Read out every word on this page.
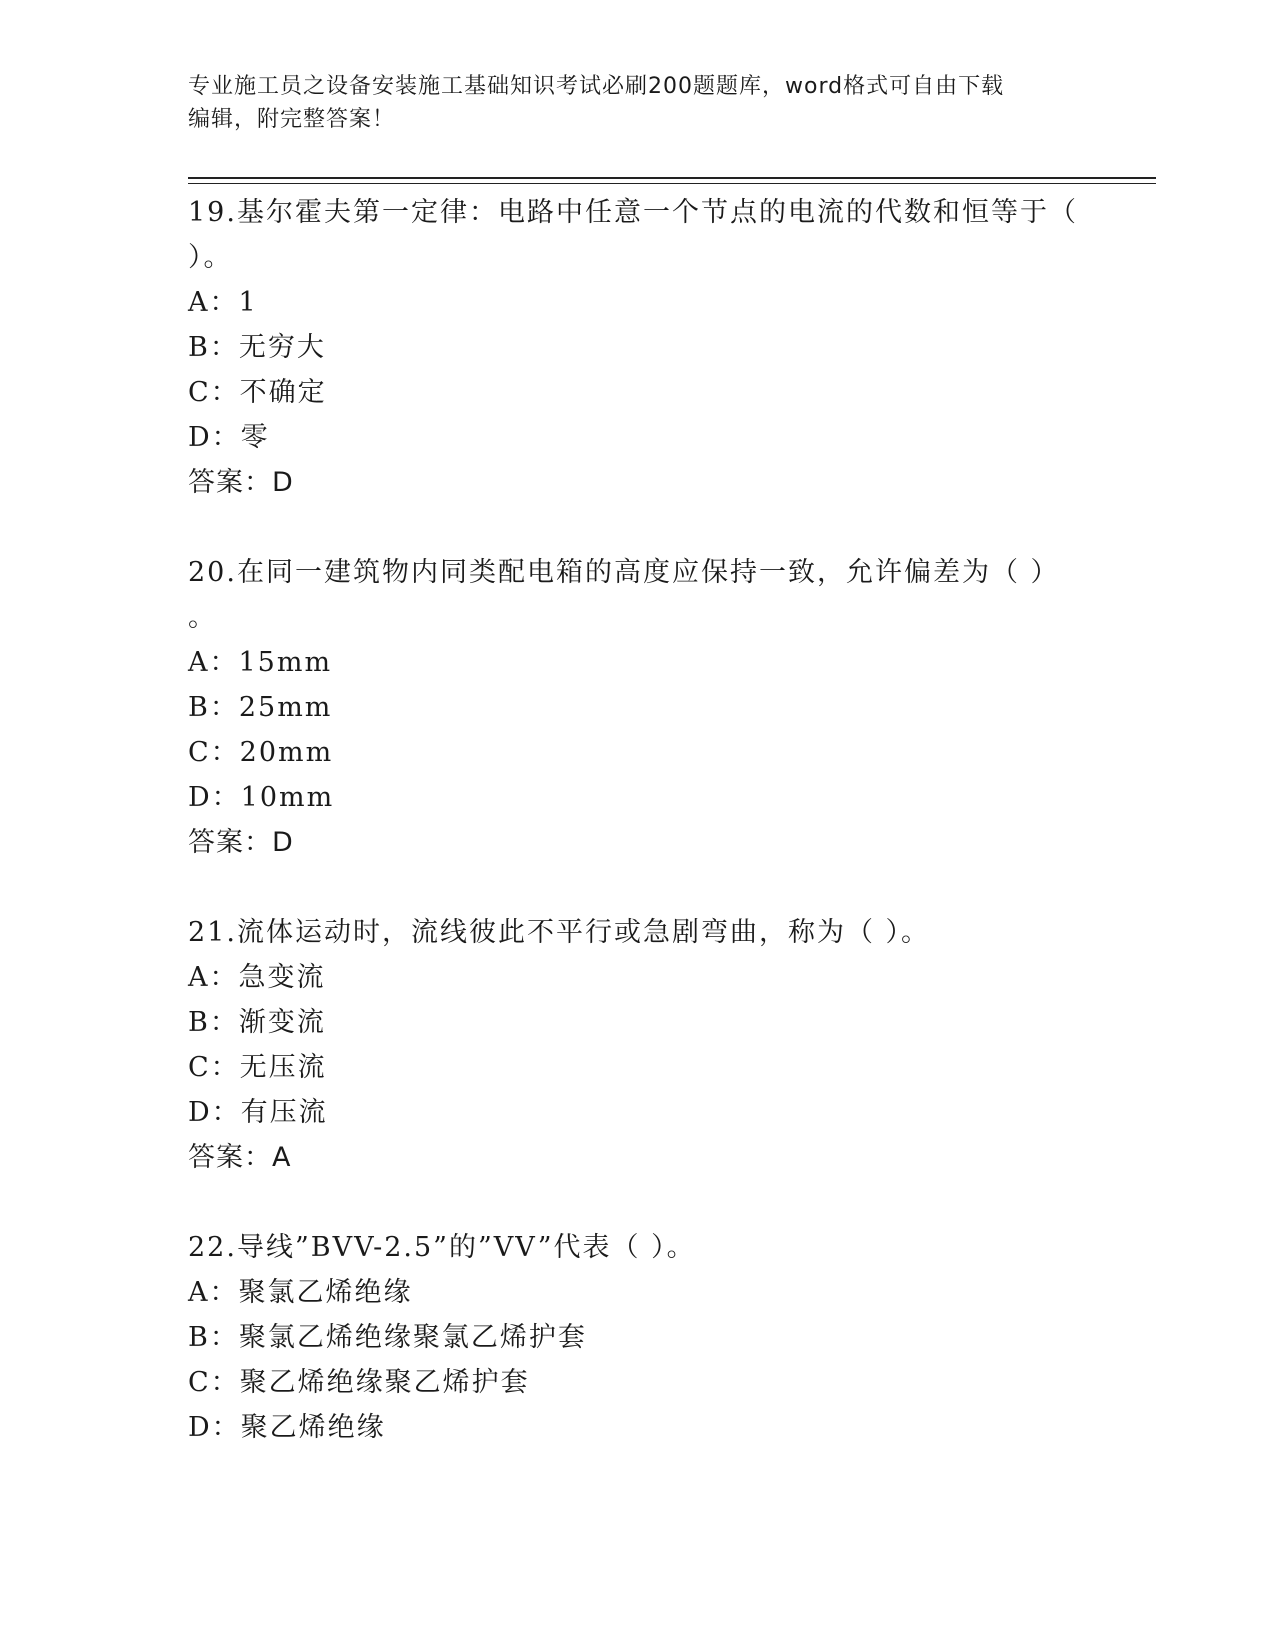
专业施工员之设备安装施工基础知识考试必刷200题题库，word格式可自由下载
编辑，附完整答案！
19.基尔霍夫第一定律：电路中任意一个节点的电流的代数和恒等于（
）。
A：1
B：无穷大
C：不确定
D：零
答案：D
20.在同一建筑物内同类配电箱的高度应保持一致，允许偏差为（ ）
。
A：15mm
B：25mm
C：20mm
D：10mm
答案：D
21.流体运动时，流线彼此不平行或急剧弯曲，称为（ ）。
A：急变流
B：渐变流
C：无压流
D：有压流
答案：A
22.导线”BVV-2.5”的”VV”代表（ ）。
A：聚氯乙烯绝缘
B：聚氯乙烯绝缘聚氯乙烯护套
C：聚乙烯绝缘聚乙烯护套
D：聚乙烯绝缘
